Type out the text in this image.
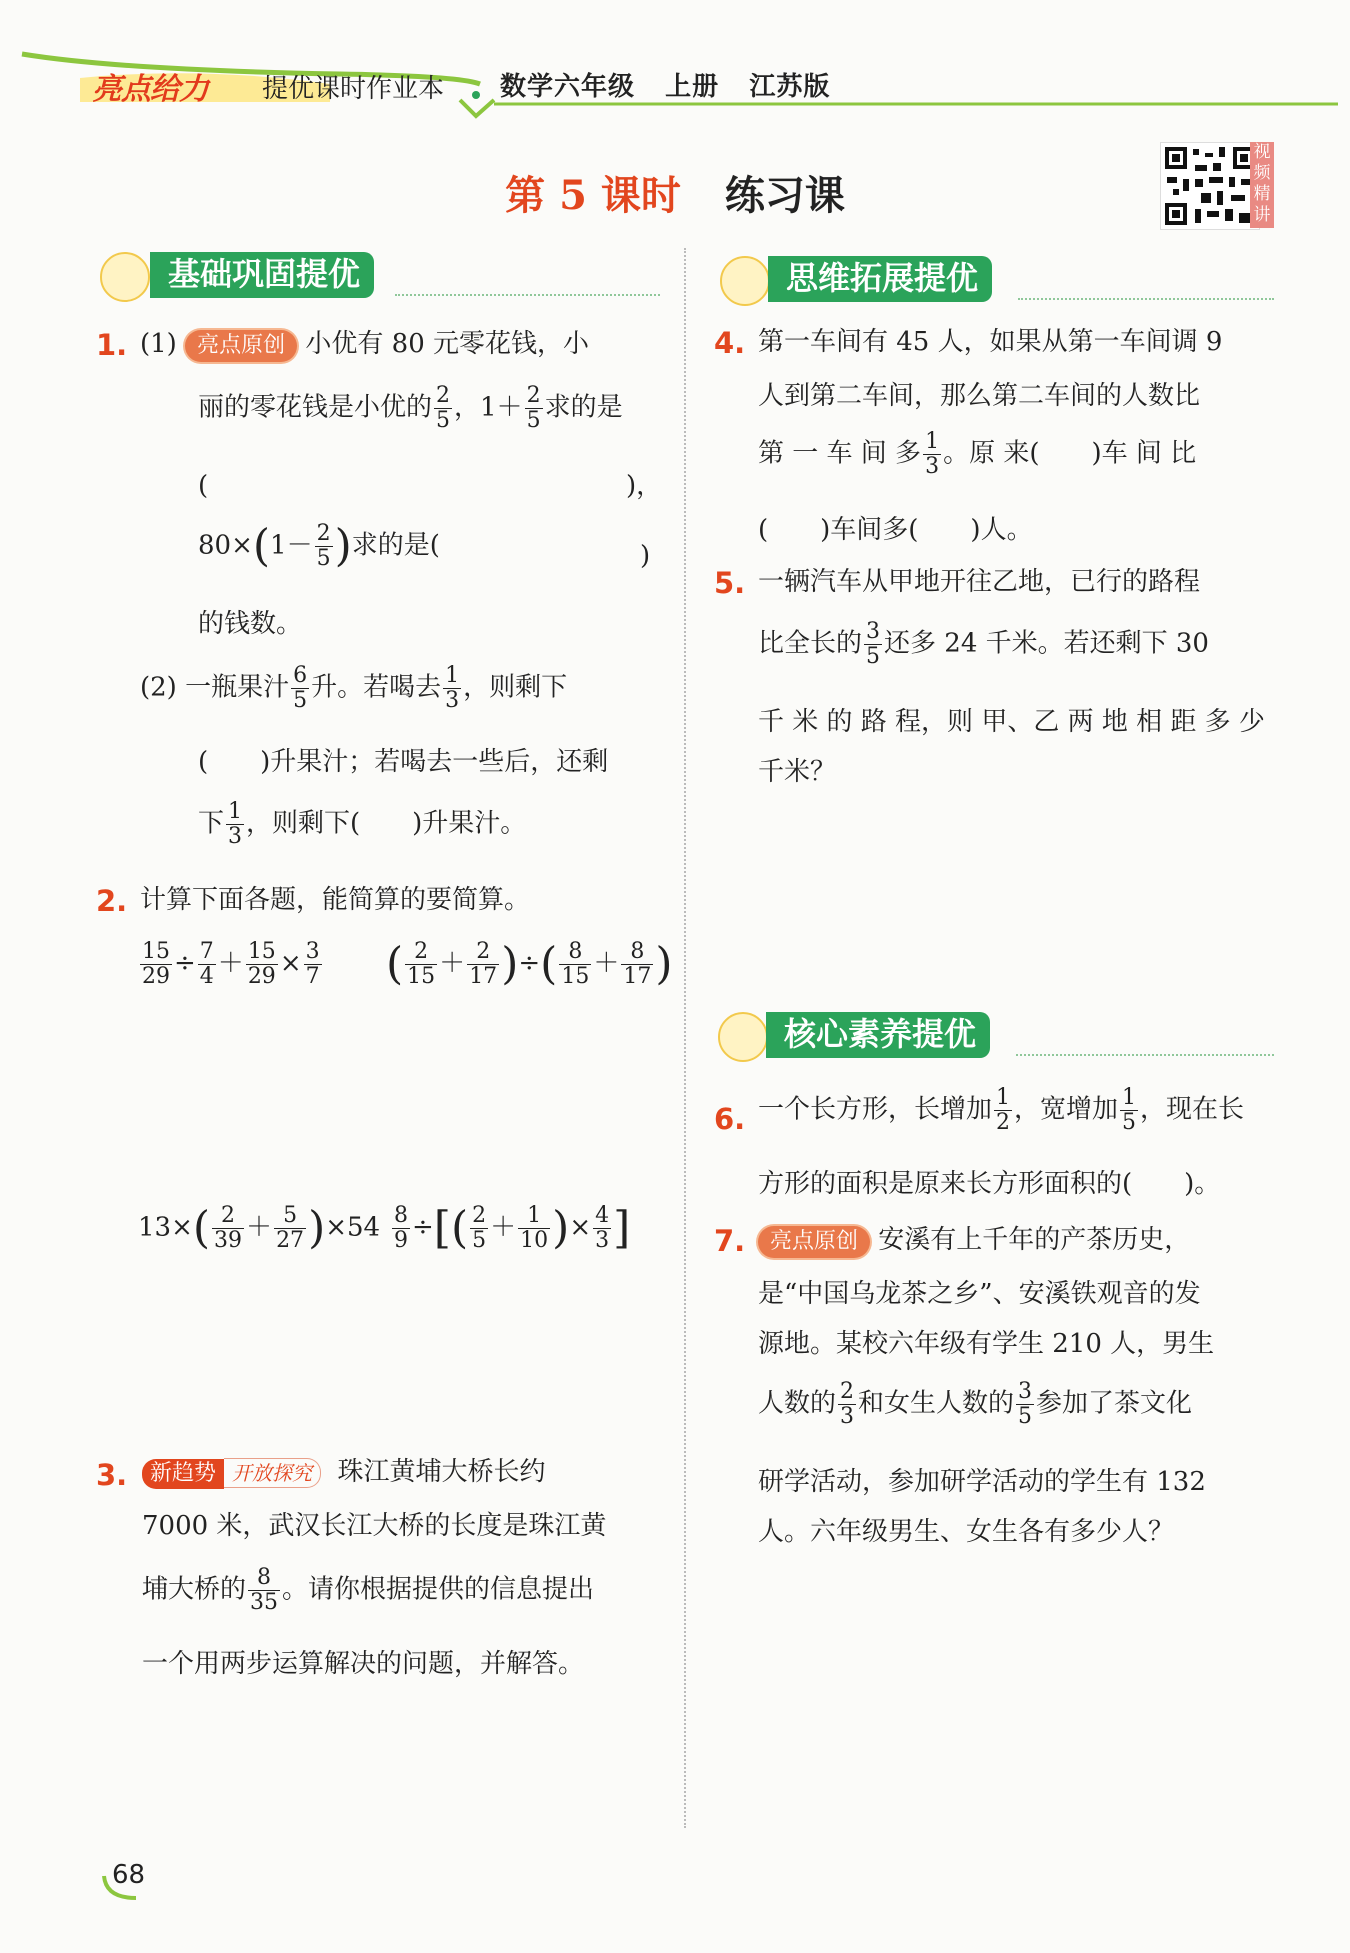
亮点给力 提优课时作业本 数学六年级 上册 江苏版
第 5 课时 练习课
视
频
精
讲
基础巩固提优	思维拓展提优
1. (1) 亮点原创 小优有 80 元零花钱，小
丽的零花钱是小优的 $\frac{2}{5}$ ，$1+ \frac{2}{5}$ 求的是
(	)，
$80\times(1- \frac{2}{5}$ )求的是(	)
的钱数。
(2) 一瓶果汁 $\frac{6}{5}$ 升。若喝去 $\frac{1}{3}$ ，则剩下
(　　)升果汁；若喝去一些后，还剩
下 $\frac{1}{3}$ ，则剩下(　　)升果汁。
2. 计算下面各题，能简算的要简算。
$\frac{15}{29} \div \frac{7}{4} + \frac{15}{29} \times \frac{3}{7}$ ( $\frac{2}{15} + \frac{2}{17}$ )÷( $\frac{8}{15} + \frac{8}{17}$ )
$13\times( \frac{2}{39} + \frac{5}{27} )\times 54 \frac{8}{9}$ ÷[( $\frac{2}{5} + \frac{1}{10}$ )× $\frac{4}{3}$ ]
3.	新趋势 开放探究 珠江黄埔大桥长约
7000 米，武汉长江大桥的长度是珠江黄
埔大桥的 $\frac{8}{35}$ 。请你根据提供的信息提出
一个用两步运算解决的问题，并解答。
4. 第一车间有 45 人，如果从第一车间调 9
人到第二车间，那么第二车间的人数比
第 一 车 间 多 $\frac{1}{3}$ 。原 来(　　)车 间 比
(　　)车间多(　　)人。
5. 一辆汽车从甲地开往乙地，已行的路程
比全长的 $\frac{3}{5}$ 还多 24 千米。若还剩下 30
千 米 的 路 程，则 甲、乙 两 地 相 距 多 少
千米？
核心素养提优
6. 一个长方形，长增加 $\frac{1}{2}$ ，宽增加 $\frac{1}{5}$ ，现在长
方形的面积是原来长方形面积的(　　)。
7.	亮点原创 安溪有上千年的产茶历史，
是“中国乌龙茶之乡”、安溪铁观音的发
源地。某校六年级有学生 210 人，男生
人数的 $\frac{2}{3}$ 和女生人数的 $\frac{3}{5}$ 参加了茶文化
研学活动，参加研学活动的学生有 132
人。六年级男生、女生各有多少人？
68
